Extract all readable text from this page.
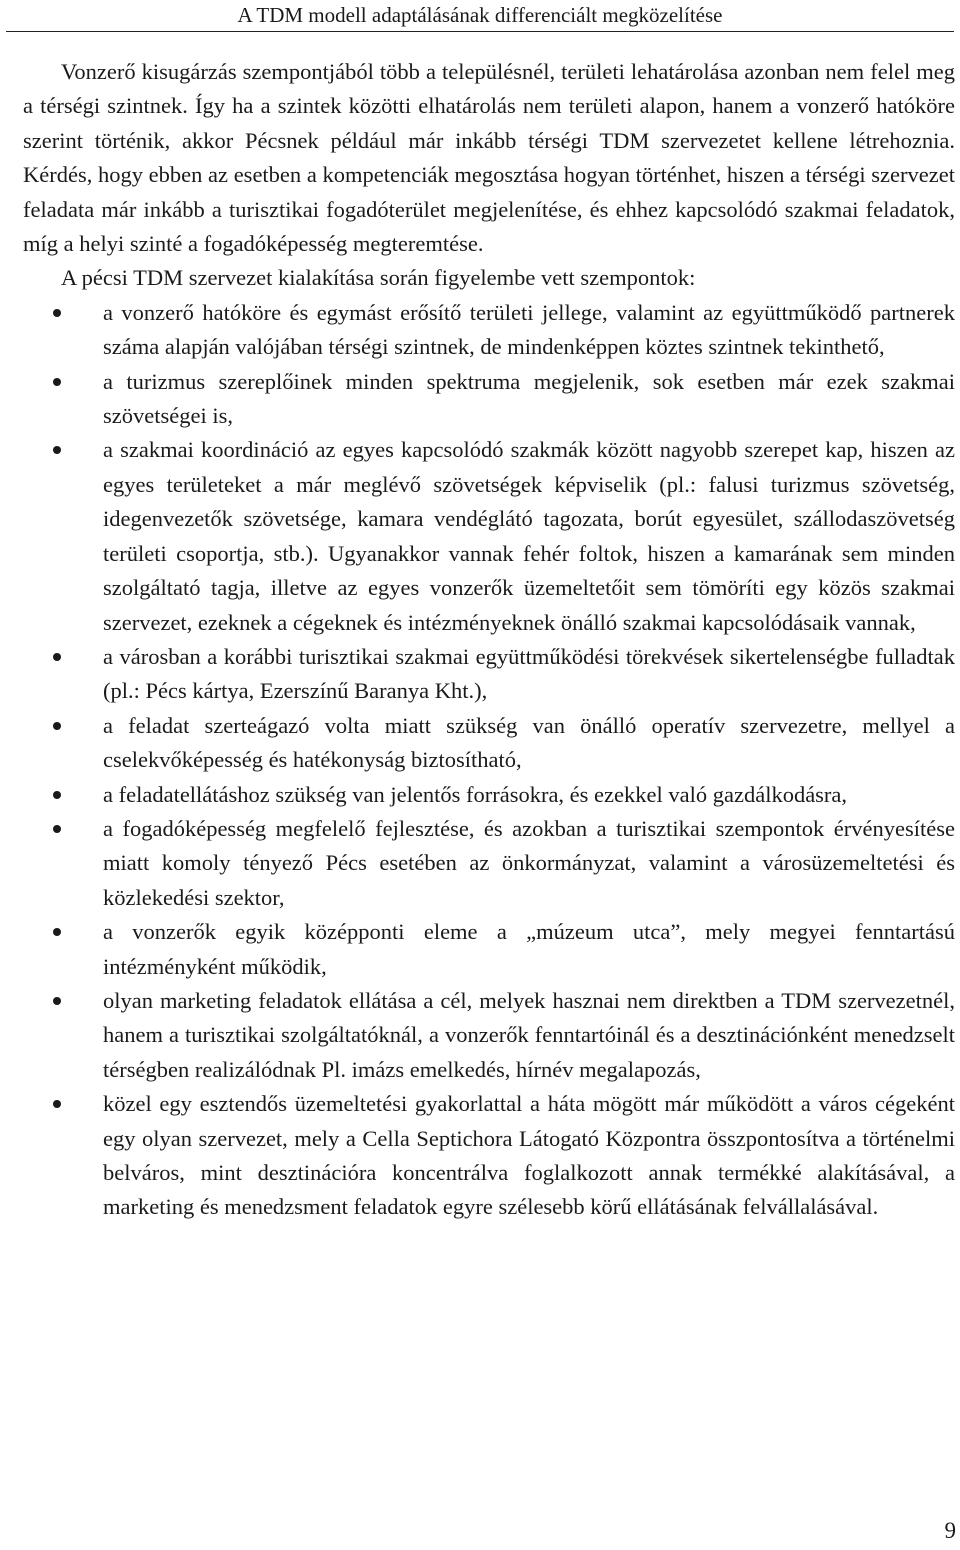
A TDM modell adaptálásának differenciált megközelítése

Vonzerő kisugárzás szempontjából több a településnél, területi lehatárolása azonban nem felel meg a térségi szintnek. Így ha a szintek közötti elhatárolás nem területi alapon, hanem a vonzerő hatóköre szerint történik, akkor Pécsnek például már inkább térségi TDM szervezetet kellene létrehoznia. Kérdés, hogy ebben az esetben a kompetenciák megosztása hogyan történhet, hiszen a térségi szervezet feladata már inkább a turisztikai fogadóterület megjelenítése, és ehhez kapcsolódó szakmai feladatok, míg a helyi szinté a fogadóképesség megteremtése.

A pécsi TDM szervezet kialakítása során figyelembe vett szempontok:

a vonzerő hatóköre és egymást erősítő területi jellege, valamint az együttműködő partnerek száma alapján valójában térségi szintnek, de mindenképpen köztes szintnek tekinthető,
a turizmus szereplőinek minden spektruma megjelenik, sok esetben már ezek szakmai szövetségei is,
a szakmai koordináció az egyes kapcsolódó szakmák között nagyobb szerepet kap, hiszen az egyes területeket a már meglévő szövetségek képviselik (pl.: falusi turizmus szövetség, idegenvezetők szövetsége, kamara vendéglátó tagozata, borút egyesület, szállodaszövetség területi csoportja, stb.). Ugyanakkor vannak fehér foltok, hiszen a kamarának sem minden szolgáltató tagja, illetve az egyes vonzerők üzemeltetőit sem tömöríti egy közös szakmai szervezet, ezeknek a cégeknek és intézményeknek önálló szakmai kapcsolódásaik vannak,
a városban a korábbi turisztikai szakmai együttműködési törekvések sikertelenségbe fulladtak (pl.: Pécs kártya, Ezerszínű Baranya Kht.),
a feladat szerteágazó volta miatt szükség van önálló operatív szervezetre, mellyel a cselekvőképesség és hatékonyság biztosítható,
a feladatellátáshoz szükség van jelentős forrásokra, és ezekkel való gazdálkodásra,
a fogadóképesség megfelelő fejlesztése, és azokban a turisztikai szempontok érvényesítése miatt komoly tényező Pécs esetében az önkormányzat, valamint a városüzemeltetési és közlekedési szektor,
a vonzerők egyik középponti eleme a „múzeum utca”, mely megyei fenntartású intézményként működik,
olyan marketing feladatok ellátása a cél, melyek hasznai nem direktben a TDM szervezetnél, hanem a turisztikai szolgáltatóknál, a vonzerők fenntartóinál és a desztinációnként menedzselt térségben realizálódnak Pl. imázs emelkedés, hírnév megalapozás,
közel egy esztendős üzemeltetési gyakorlattal a háta mögött már működött a város cégeként egy olyan szervezet, mely a Cella Septichora Látogató Központra összpontosítva a történelmi belváros, mint desztinációra koncentrálva foglalkozott annak termékké alakításával, a marketing és menedzsment feladatok egyre szélesebb körű ellátásának felvállalásával.
9
